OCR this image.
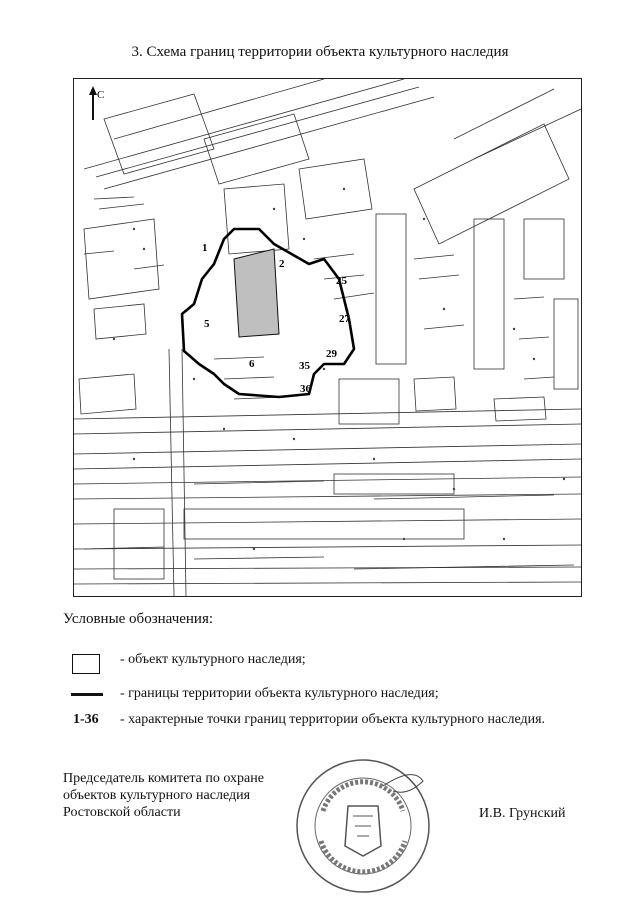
3. Схема границ территории объекта культурного наследия
1
2
5
6
25
27
29
35
36
С
Условные обозначения:
- объект культурного наследия;
- границы территории объекта культурного наследия;
1-36 - характерные точки границ территории объекта культурного наследия.
Председатель комитета по охране
объектов культурного наследия
Ростовской области	И.В. Грунский
